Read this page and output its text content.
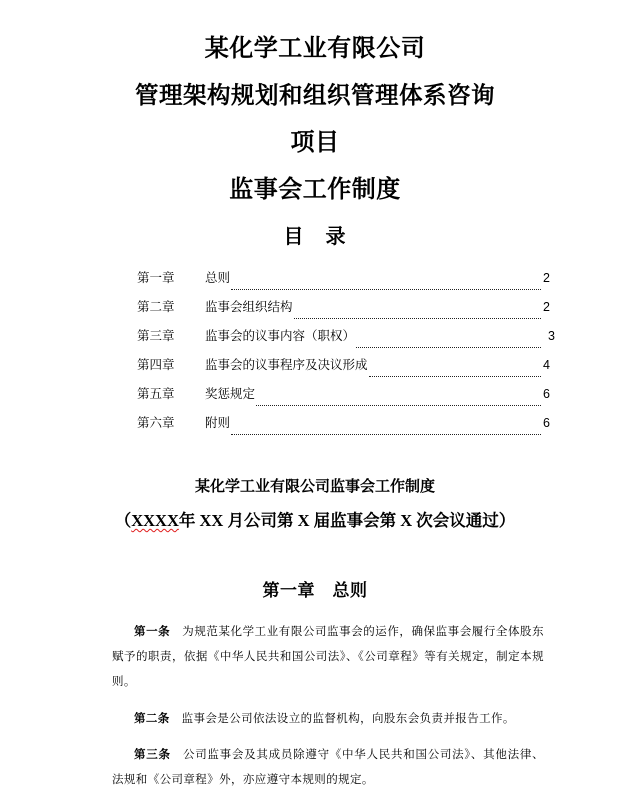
某化学工业有限公司
管理架构规划和组织管理体系咨询
项目
监事会工作制度
目　录
第一章	总则	2
第二章	监事会组织结构	2
第三章	监事会的议事内容（职权）	3
第四章	监事会的议事程序及决议形成	4
第五章	奖惩规定	6
第六章	附则	6
某化学工业有限公司监事会工作制度
（XXXX年 XX 月公司第 X 届监事会第 X 次会议通过）
第一章　总则

第一条　为规范某化学工业有限公司监事会的运作，确保监事会履行全体股东赋予的职责，依据《中华人民共和国公司法》、《公司章程》等有关规定，制定本规则。

第二条　监事会是公司依法设立的监督机构，向股东会负责并报告工作。

第三条　公司监事会及其成员除遵守《中华人民共和国公司法》、其他法律、法规和《公司章程》外，亦应遵守本规则的规定。
